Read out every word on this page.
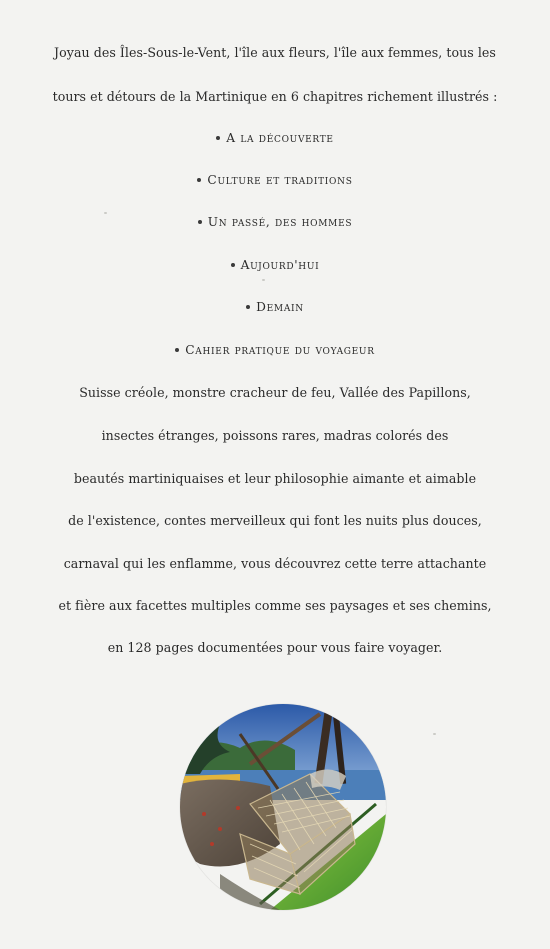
Joyau des Îles-Sous-le-Vent, l'île aux fleurs, l'île aux femmes, tous les
tours et détours de la Martinique en 6 chapitres richement illustrés :
A la découverte
Culture et traditions
Un passé, des hommes
Aujourd'hui
Demain
Cahier pratique du voyageur
Suisse créole, monstre cracheur de feu, Vallée des Papillons,
insectes étranges, poissons rares, madras colorés des
beautés martiniquaises et leur philosophie aimante et aimable
de l'existence, contes merveilleux qui font les nuits plus douces,
carnaval qui les enflamme, vous découvrez cette terre attachante
et fière aux facettes multiples comme ses paysages et ses chemins,
en 128 pages documentées pour vous faire voyager.
